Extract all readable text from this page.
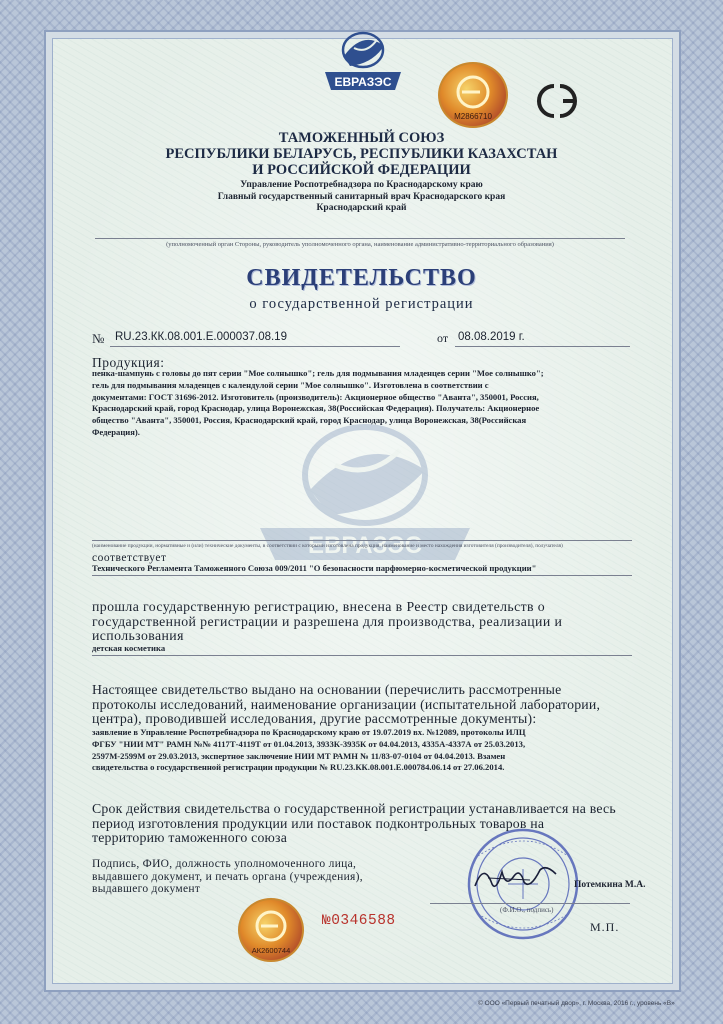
ЕВРАЗЭС
ЕВРАЗЭС
М2866710
ТАМОЖЕННЫЙ СОЮЗ
РЕСПУБЛИКИ БЕЛАРУСЬ, РЕСПУБЛИКИ КАЗАХСТАН
И РОССИЙСКОЙ ФЕДЕРАЦИИ
Управление Роспотребнадзора по Краснодарскому краю
Главный государственный санитарный врач Краснодарского края
Краснодарский край
(уполномоченный орган Стороны, руководитель уполномоченного органа, наименование административно-территориального образования)
СВИДЕТЕЛЬСТВО
о государственной регистрации
№ RU.23.КК.08.001.Е.000037.08.19	от 08.08.2019 г.
Продукция:
пенка-шампунь с головы до пят серии "Мое солнышко"; гель для подмывания младенцев серии "Мое солнышко";
гель для подмывания младенцев с календулой серии "Мое солнышко". Изготовлена в соответствии с
документами: ГОСТ 31696-2012. Изготовитель (производитель): Акционерное общество "Аванта", 350001, Россия,
Краснодарский край, город Краснодар, улица Воронежская, 38(Российская Федерация). Получатель: Акционерное
общество "Аванта", 350001, Россия, Краснодарский край, город Краснодар, улица Воронежская, 38(Российская
Федерация).
(наименование продукции, нормативные и (или) технические документы, в соответствии с которыми изготовлена продукция, наименование и место нахождения изготовителя (производителя), получателя)
соответствует
Технического Регламента Таможенного Союза 009/2011 "О безопасности парфюмерно-косметической продукции"
прошла государственную регистрацию, внесена в Реестр свидетельств о
государственной регистрации и разрешена для производства, реализации и
использования
детская косметика
Настоящее свидетельство выдано на основании (перечислить рассмотренные
протоколы исследований, наименование организации (испытательной лаборатории,
центра), проводившей исследования, другие рассмотренные документы):
заявление в Управление Роспотребнадзора по Краснодарскому краю от 19.07.2019 вх. №12089, протоколы ИЛЦ
ФГБУ "НИИ МТ" РАМН №№ 4117Т-4119Т от 01.04.2013, 3933К-3935К от 04.04.2013, 4335А-4337А от 25.03.2013,
2597М-2599М от 29.03.2013, экспертное заключение НИИ МТ РАМН № 11/83-07-0104 от 04.04.2013. Взамен
свидетельства о государственной регистрации продукции № RU.23.КК.08.001.Е.000784.06.14 от 27.06.2014.
Срок действия свидетельства о государственной регистрации устанавливается на весь
период изготовления продукции или поставок подконтрольных товаров на
территорию таможенного союза
Подпись, ФИО, должность уполномоченного лица,
выдавшего документ, и печать органа (учреждения),
выдавшего документ	Потемкина М.А.
(Ф.И.О., подпись)
М.П.
АК2600744
№0346588
© ООО «Первый печатный двор», г. Москва, 2016 г., уровень «В»
